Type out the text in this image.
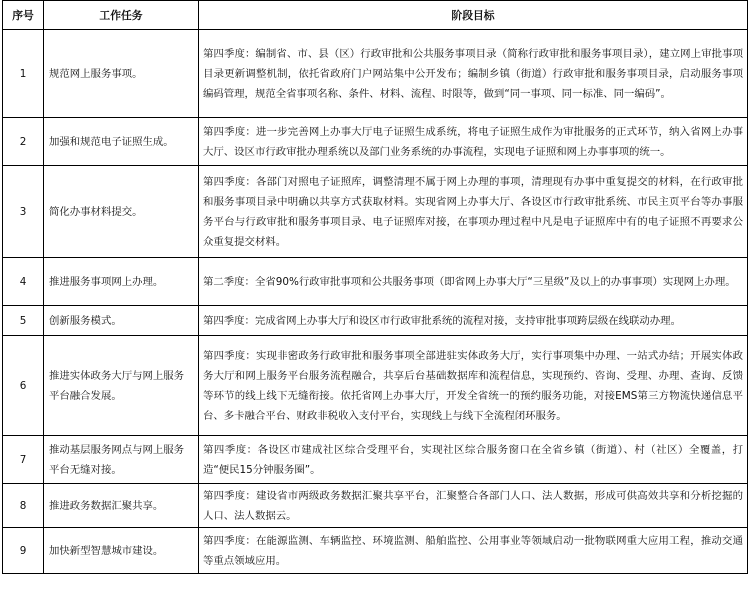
序号	工作任务	阶段目标
1	规范网上服务事项。	第四季度：编制省、市、县（区）行政审批和公共服务事项目录（简称行政审批和服务事项目录），建立网上审批事项目录更新调整机制，依托省政府门户网站集中公开发布；编制乡镇（街道）行政审批和服务事项目录，启动服务事项编码管理，规范全省事项名称、条件、材料、流程、时限等，做到“同一事项、同一标准、同一编码”。
2	加强和规范电子证照生成。	第四季度：进一步完善网上办事大厅电子证照生成系统，将电子证照生成作为审批服务的正式环节，纳入省网上办事大厅、设区市行政审批办理系统以及部门业务系统的办事流程，实现电子证照和网上办事事项的统一。
3	简化办事材料提交。	第四季度：各部门对照电子证照库，调整清理不属于网上办理的事项，清理现有办事中重复提交的材料，在行政审批和服务事项目录中明确以共享方式获取材料。实现省网上办事大厅、各设区市行政审批系统、市民主页平台等办事服务平台与行政审批和服务事项目录、电子证照库对接，在事项办理过程中凡是电子证照库中有的电子证照不再要求公众重复提交材料。
4	推进服务事项网上办理。	第二季度：全省90%行政审批事项和公共服务事项（即省网上办事大厅“三星级”及以上的办事事项）实现网上办理。
5	创新服务模式。	第四季度：完成省网上办事大厅和设区市行政审批系统的流程对接，支持审批事项跨层级在线联动办理。
6	推进实体政务大厅与网上服务平台融合发展。	第四季度：实现非密政务行政审批和服务事项全部进驻实体政务大厅，实行事项集中办理、一站式办结；开展实体政务大厅和网上服务平台服务流程融合，共享后台基础数据库和流程信息，实现预约、咨询、受理、办理、查询、反馈等环节的线上线下无缝衔接。依托省网上办事大厅，开发全省统一的预约服务功能，对接EMS第三方物流快递信息平台、多卡融合平台、财政非税收入支付平台，实现线上与线下全流程闭环服务。
7	推动基层服务网点与网上服务平台无缝对接。	第四季度：各设区市建成社区综合受理平台，实现社区综合服务窗口在全省乡镇（街道）、村（社区）全覆盖，打造“便民15分钟服务圈”。
8	推进政务数据汇聚共享。	第四季度：建设省市两级政务数据汇聚共享平台，汇聚整合各部门人口、法人数据，形成可供高效共享和分析挖掘的人口、法人数据云。
9	加快新型智慧城市建设。	第四季度：在能源监测、车辆监控、环境监测、船舶监控、公用事业等领域启动一批物联网重大应用工程，推动交通等重点领域应用。
